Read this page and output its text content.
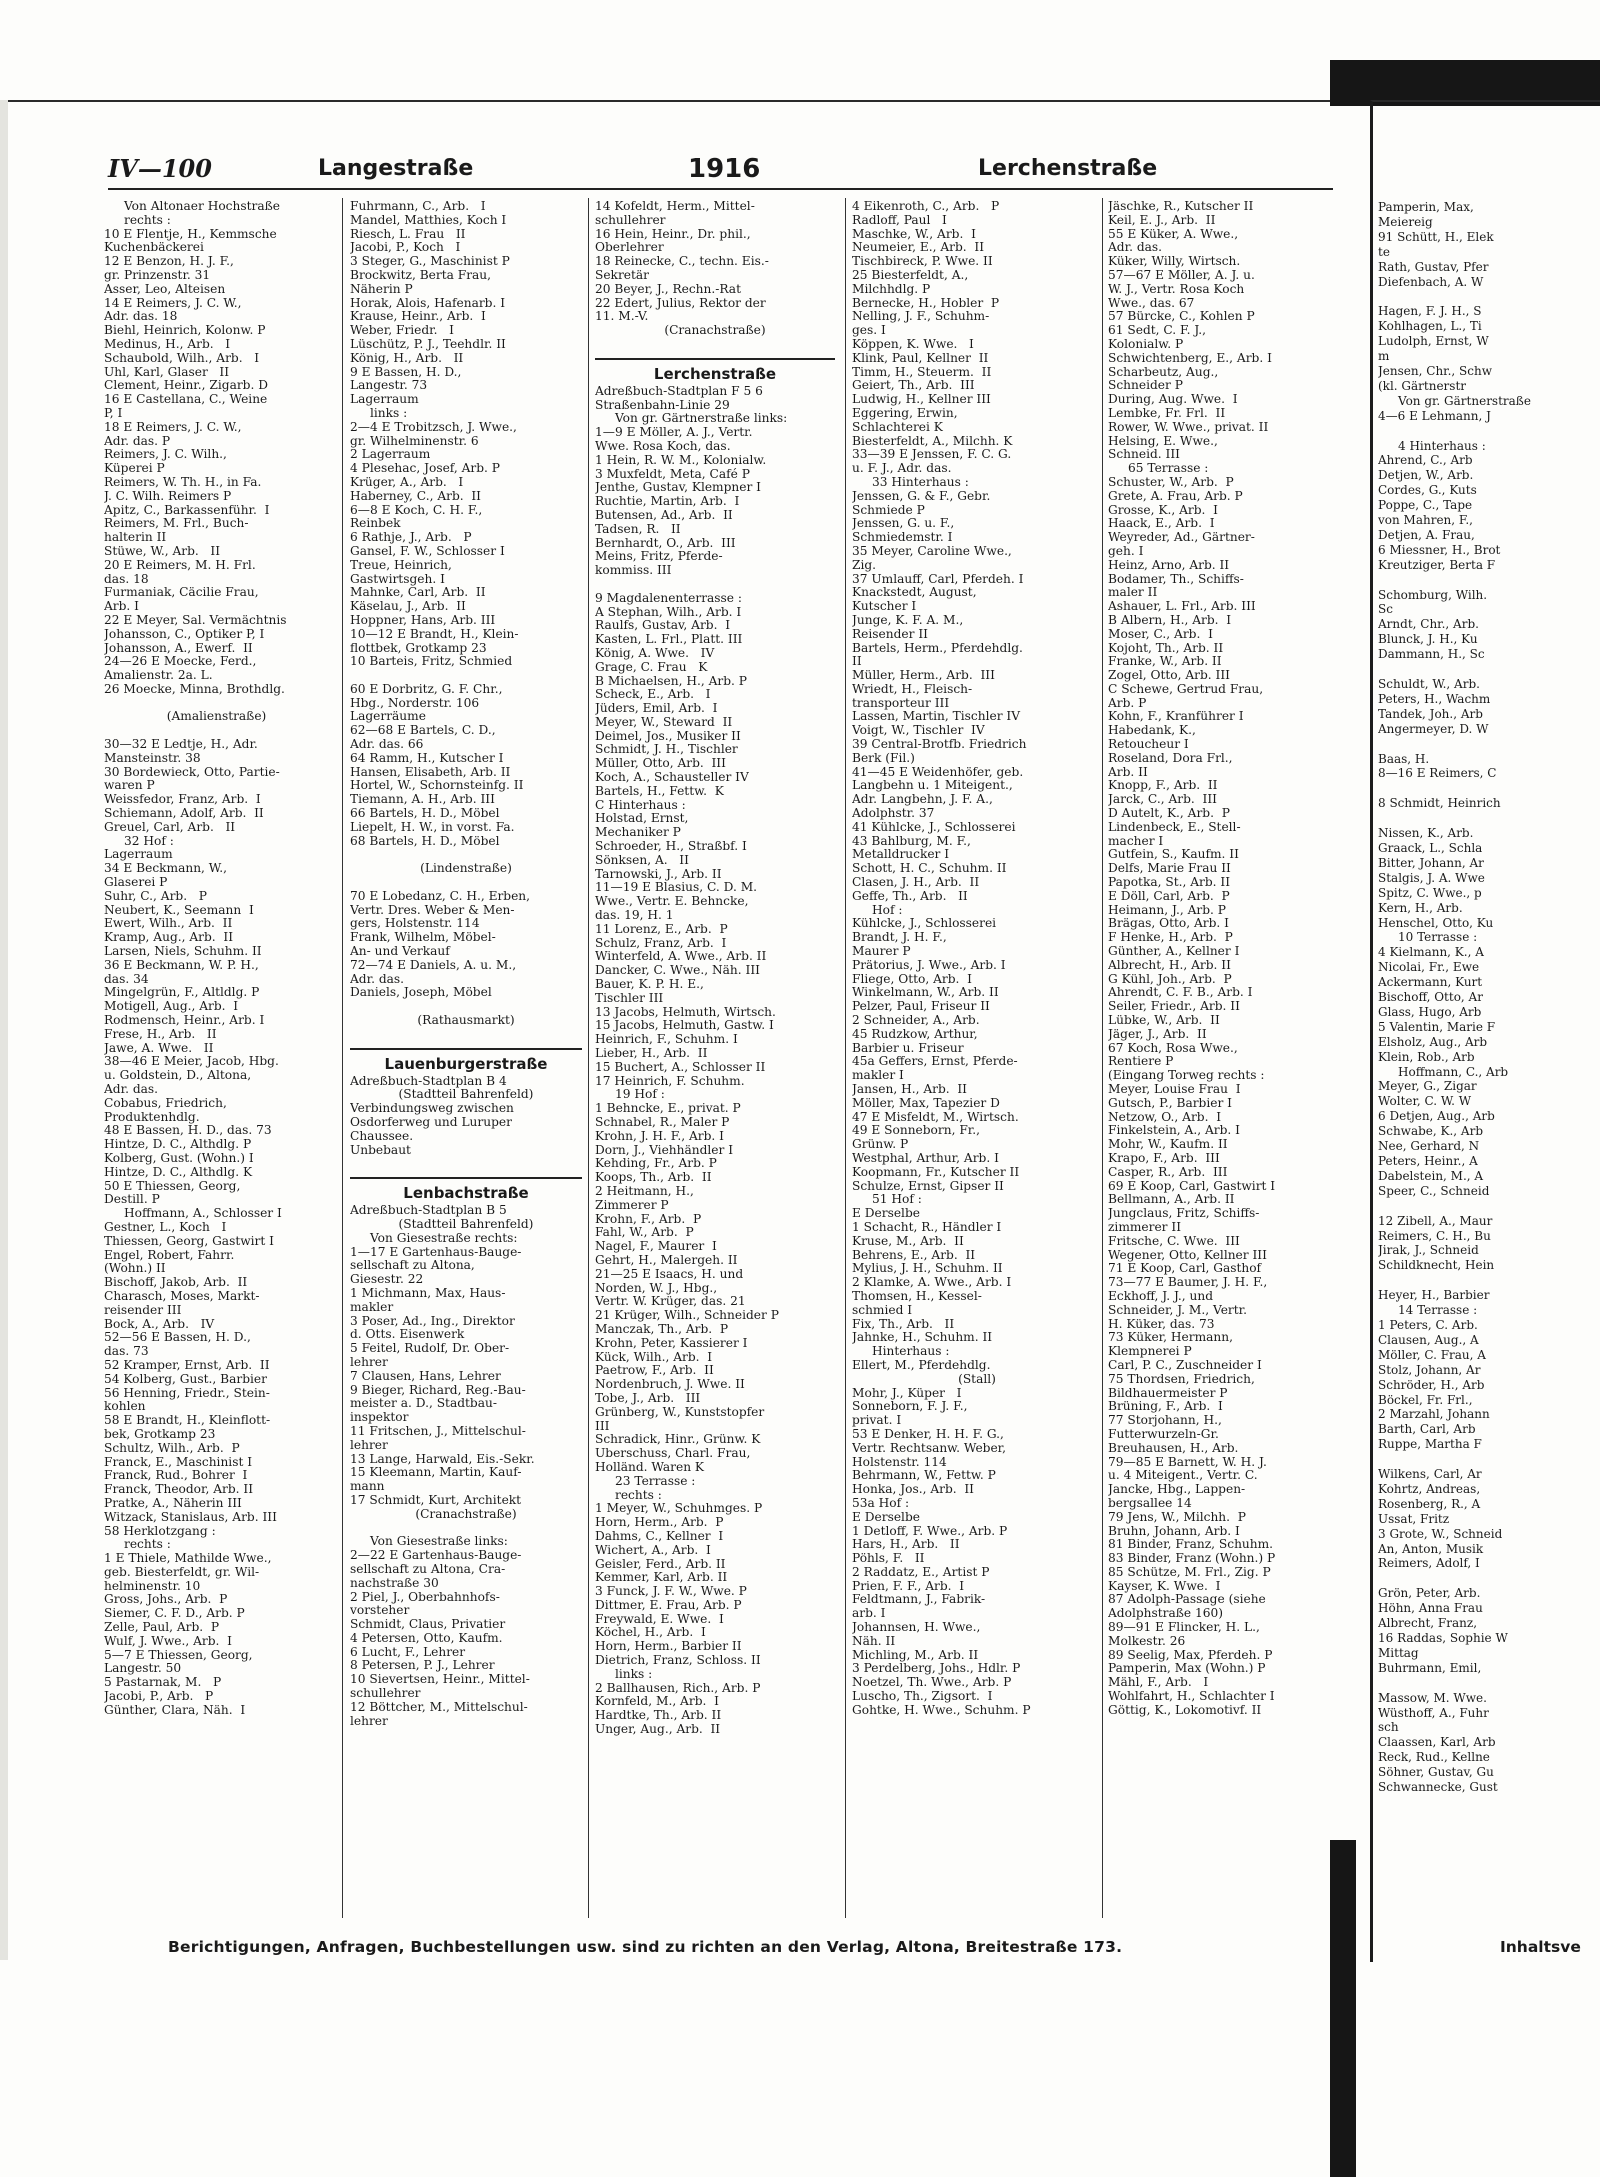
IV—100	Langestraße	1916	Lerchenstraße
Von Altonaer Hochstraße
rechts :
10 E Flentje, H., Kemmsche
Kuchenbäckerei
12 E Benzon, H. J. F.,
gr. Prinzenstr. 31
Asser, Leo, Alteisen
14 E Reimers, J. C. W.,
Adr. das. 18
Biehl, Heinrich, Kolonw. P
Medinus, H., Arb.   I
Schaubold, Wilh., Arb.   I
Uhl, Karl, Glaser   II
Clement, Heinr., Zigarb. D
16 E Castellana, C., Weine
P, I
18 E Reimers, J. C. W.,
Adr. das. P
Reimers, J. C. Wilh.,
Küperei P
Reimers, W. Th. H., in Fa.
J. C. Wilh. Reimers P
Apitz, C., Barkassenführ.  I
Reimers, M. Frl., Buch-
halterin II
Stüwe, W., Arb.   II
20 E Reimers, M. H. Frl.
das. 18
Furmaniak, Cäcilie Frau,
Arb. I
22 E Meyer, Sal. Vermächtnis
Johansson, C., Optiker P, I
Johansson, A., Ewerf.  II
24—26 E Moecke, Ferd.,
Amalienstr. 2a. L.
26 Moecke, Minna, Brothdlg.

(Amalienstraße)

30—32 E Ledtje, H., Adr.
Mansteinstr. 38
30 Bordewieck, Otto, Partie-
waren P
Weissfedor, Franz, Arb.  I
Schiemann, Adolf, Arb.  II
Greuel, Carl, Arb.   II
32 Hof :
Lagerraum
34 E Beckmann, W.,
Glaserei P
Suhr, C., Arb.   P
Neubert, K., Seemann  I
Ewert, Wilh., Arb.  II
Kramp, Aug., Arb.  II
Larsen, Niels, Schuhm. II
36 E Beckmann, W. P. H.,
das. 34
Mingelgrün, F., Altldlg. P
Motigell, Aug., Arb.  I
Rodmensch, Heinr., Arb. I
Frese, H., Arb.   II
Jawe, A. Wwe.   II
38—46 E Meier, Jacob, Hbg.
u. Goldstein, D., Altona,
Adr. das.
Cobabus, Friedrich,
Produktenhdlg.
48 E Bassen, H. D., das. 73
Hintze, D. C., Althdlg. P
Kolberg, Gust. (Wohn.) I
Hintze, D. C., Althdlg. K
50 E Thiessen, Georg,
Destill. P
Hoffmann, A., Schlosser I
Gestner, L., Koch   I
Thiessen, Georg, Gastwirt I
Engel, Robert, Fahrr.
(Wohn.) II
Bischoff, Jakob, Arb.  II
Charasch, Moses, Markt-
reisender III
Bock, A., Arb.   IV
52—56 E Bassen, H. D.,
das. 73
52 Kramper, Ernst, Arb.  II
54 Kolberg, Gust., Barbier
56 Henning, Friedr., Stein-
kohlen
58 E Brandt, H., Kleinflott-
bek, Grotkamp 23
Schultz, Wilh., Arb.  P
Franck, E., Maschinist I
Franck, Rud., Bohrer  I
Franck, Theodor, Arb. II
Pratke, A., Näherin III
Witzack, Stanislaus, Arb. III
58 Herklotzgang :
rechts :
1 E Thiele, Mathilde Wwe.,
geb. Biesterfeldt, gr. Wil-
helminenstr. 10
Gross, Johs., Arb.  P
Siemer, C. F. D., Arb. P
Zelle, Paul, Arb.  P
Wulf, J. Wwe., Arb.  I
5—7 E Thiessen, Georg,
Langestr. 50
5 Pastarnak, M.   P
Jacobi, P., Arb.   P
Günther, Clara, Näh.  I
Fuhrmann, C., Arb.   I
Mandel, Matthies, Koch I
Riesch, L. Frau   II
Jacobi, P., Koch   I
3 Steger, G., Maschinist P
Brockwitz, Berta Frau,
Näherin P
Horak, Alois, Hafenarb. I
Krause, Heinr., Arb.  I
Weber, Friedr.   I
Lüschütz, P. J., Teehdlr. II
König, H., Arb.   II
9 E Bassen, H. D.,
Langestr. 73
Lagerraum
links :
2—4 E Trobitzsch, J. Wwe.,
gr. Wilhelminenstr. 6
2 Lagerraum
4 Plesehac, Josef, Arb. P
Krüger, A., Arb.   I
Haberney, C., Arb.  II
6—8 E Koch, C. H. F.,
Reinbek
6 Rathje, J., Arb.   P
Gansel, F. W., Schlosser I
Treue, Heinrich,
Gastwirtsgeh. I
Mahnke, Carl, Arb.  II
Käselau, J., Arb.  II
Hoppner, Hans, Arb. III
10—12 E Brandt, H., Klein-
flottbek, Grotkamp 23
10 Barteis, Fritz, Schmied

60 E Dorbritz, G. F. Chr.,
Hbg., Norderstr. 106
Lagerräume
62—68 E Bartels, C. D.,
Adr. das. 66
64 Ramm, H., Kutscher I
Hansen, Elisabeth, Arb. II
Hortel, W., Schornsteinfg. II
Tiemann, A. H., Arb. III
66 Bartels, H. D., Möbel
Liepelt, H. W., in vorst. Fa.
68 Bartels, H. D., Möbel

(Lindenstraße)

70 E Lobedanz, C. H., Erben,
Vertr. Dres. Weber & Men-
gers, Holstenstr. 114
Frank, Wilhelm, Möbel-
An- und Verkauf
72—74 E Daniels, A. u. M.,
Adr. das.
Daniels, Joseph, Möbel

(Rathausmarkt)

Lauenburgerstraße
Adreßbuch-Stadtplan B 4
(Stadtteil Bahrenfeld)
Verbindungsweg zwischen
Osdorferweg und Luruper
Chaussee.
Unbebaut

Lenbachstraße
Adreßbuch-Stadtplan B 5
(Stadtteil Bahrenfeld)
Von Giesestraße rechts:
1—17 E Gartenhaus-Bauge-
sellschaft zu Altona,
Giesestr. 22
1 Michmann, Max, Haus-
makler
3 Poser, Ad., Ing., Direktor
d. Otts. Eisenwerk
5 Feitel, Rudolf, Dr. Ober-
lehrer
7 Clausen, Hans, Lehrer
9 Bieger, Richard, Reg.-Bau-
meister a. D., Stadtbau-
inspektor
11 Fritschen, J., Mittelschul-
lehrer
13 Lange, Harwald, Eis.-Sekr.
15 Kleemann, Martin, Kauf-
mann
17 Schmidt, Kurt, Architekt
(Cranachstraße)

Von Giesestraße links:
2—22 E Gartenhaus-Bauge-
sellschaft zu Altona, Cra-
nachstraße 30
2 Piel, J., Oberbahnhofs-
vorsteher
Schmidt, Claus, Privatier
4 Petersen, Otto, Kaufm.
6 Lucht, F., Lehrer
8 Petersen, P. J., Lehrer
10 Sievertsen, Heinr., Mittel-
schullehrer
12 Böttcher, M., Mittelschul-
lehrer
14 Kofeldt, Herm., Mittel-
schullehrer
16 Hein, Heinr., Dr. phil.,
Oberlehrer
18 Reinecke, C., techn. Eis.-
Sekretär
20 Beyer, J., Rechn.-Rat
22 Edert, Julius, Rektor der
11. M.-V.
(Cranachstraße)

Lerchenstraße
Adreßbuch-Stadtplan F 5 6
Straßenbahn-Linie 29
Von gr. Gärtnerstraße links:
1—9 E Möller, A. J., Vertr.
Wwe. Rosa Koch, das.
1 Hein, R. W. M., Kolonialw.
3 Muxfeldt, Meta, Café P
Jenthe, Gustav, Klempner I
Ruchtie, Martin, Arb.  I
Butensen, Ad., Arb.  II
Tadsen, R.   II
Bernhardt, O., Arb.  III
Meins, Fritz, Pferde-
kommiss. III

9 Magdalenenterrasse :
A Stephan, Wilh., Arb. I
Raulfs, Gustav, Arb.  I
Kasten, L. Frl., Platt. III
König, A. Wwe.   IV
Grage, C. Frau   K
B Michaelsen, H., Arb. P
Scheck, E., Arb.   I
Jüders, Emil, Arb.  I
Meyer, W., Steward  II
Deimel, Jos., Musiker II
Schmidt, J. H., Tischler
Müller, Otto, Arb.  III
Koch, A., Schausteller IV
Bartels, H., Fettw.  K
C Hinterhaus :
Holstad, Ernst,
Mechaniker P
Schroeder, H., Straßbf. I
Sönksen, A.   II
Tarnowski, J., Arb. II
11—19 E Blasius, C. D. M.
Wwe., Vertr. E. Behncke,
das. 19, H. 1
11 Lorenz, E., Arb.  P
Schulz, Franz, Arb.  I
Winterfeld, A. Wwe., Arb. II
Dancker, C. Wwe., Näh. III
Bauer, K. P. H. E.,
Tischler III
13 Jacobs, Helmuth, Wirtsch.
15 Jacobs, Helmuth, Gastw. I
Heinrich, F., Schuhm. I
Lieber, H., Arb.  II
15 Buchert, A., Schlosser II
17 Heinrich, F. Schuhm.
19 Hof :
1 Behncke, E., privat. P
Schnabel, R., Maler P
Krohn, J. H. F., Arb. I
Dorn, J., Viehhändler I
Kehding, Fr., Arb. P
Koops, Th., Arb.  II
2 Heitmann, H.,
Zimmerer P
Krohn, F., Arb.  P
Fahl, W., Arb.  P
Nagel, F., Maurer  I
Gehrt, H., Malergeh. II
21—25 E Isaacs, H. und
Norden, W. J., Hbg.,
Vertr. W. Krüger, das. 21
21 Krüger, Wilh., Schneider P
Manczak, Th., Arb.  P
Krohn, Peter, Kassierer I
Kück, Wilh., Arb.  I
Paetrow, F., Arb.  II
Nordenbruch, J. Wwe. II
Tobe, J., Arb.   III
Grünberg, W., Kunststopfer
III
Schradick, Hinr., Grünw. K
Überschuss, Charl. Frau,
Holländ. Waren K
23 Terrasse :
rechts :
1 Meyer, W., Schuhmges. P
Horn, Herm., Arb.  P
Dahms, C., Kellner  I
Wichert, A., Arb.  I
Geisler, Ferd., Arb. II
Kemmer, Karl, Arb. II
3 Funck, J. F. W., Wwe. P
Dittmer, E. Frau, Arb. P
Freywald, E. Wwe.  I
Köchel, H., Arb.  I
Horn, Herm., Barbier II
Dietrich, Franz, Schloss. II
links :
2 Ballhausen, Rich., Arb. P
Kornfeld, M., Arb.  I
Hardtke, Th., Arb. II
Unger, Aug., Arb.  II
4 Eikenroth, C., Arb.   P
Radloff, Paul   I
Maschke, W., Arb.  I
Neumeier, E., Arb.  II
Tischbireck, P. Wwe. II
25 Biesterfeldt, A.,
Milchhdlg. P
Bernecke, H., Hobler  P
Nelling, J. F., Schuhm-
ges. I
Köppen, K. Wwe.   I
Klink, Paul, Kellner  II
Timm, H., Steuerm.  II
Geiert, Th., Arb.  III
Ludwig, H., Kellner III
Eggering, Erwin,
Schlachterei K
Biesterfeldt, A., Milchh. K
33—39 E Jenssen, F. C. G.
u. F. J., Adr. das.
33 Hinterhaus :
Jenssen, G. & F., Gebr.
Schmiede P
Jenssen, G. u. F.,
Schmiedemstr. I
35 Meyer, Caroline Wwe.,
Zig.
37 Umlauff, Carl, Pferdeh. I
Knackstedt, August,
Kutscher I
Junge, K. F. A. M.,
Reisender II
Bartels, Herm., Pferdehdlg.
II
Müller, Herm., Arb.  III
Wriedt, H., Fleisch-
transporteur III
Lassen, Martin, Tischler IV
Voigt, W., Tischler  IV
39 Central-Brotfb. Friedrich
Berk (Fil.)
41—45 E Weidenhöfer, geb.
Langbehn u. 1 Miteigent.,
Adr. Langbehn, J. F. A.,
Adolphstr. 37
41 Kühlcke, J., Schlosserei
43 Bahlburg, M. F.,
Metalldrucker I
Schott, H. C., Schuhm. II
Clasen, J. H., Arb.  II
Geffe, Th., Arb.   II
Hof :
Kühlcke, J., Schlosserei
Brandt, J. H. F.,
Maurer P
Prätorius, J. Wwe., Arb. I
Fliege, Otto, Arb.  I
Winkelmann, W., Arb. II
Pelzer, Paul, Friseur II
2 Schneider, A., Arb.
45 Rudzkow, Arthur,
Barbier u. Friseur
45a Geffers, Ernst, Pferde-
makler I
Jansen, H., Arb.  II
Möller, Max, Tapezier D
47 E Misfeldt, M., Wirtsch.
49 E Sonneborn, Fr.,
Grünw. P
Westphal, Arthur, Arb. I
Koopmann, Fr., Kutscher II
Schulze, Ernst, Gipser II
51 Hof :
E Derselbe
1 Schacht, R., Händler I
Kruse, M., Arb.  II
Behrens, E., Arb.  II
Mylius, J. H., Schuhm. II
2 Klamke, A. Wwe., Arb. I
Thomsen, H., Kessel-
schmied I
Fix, Th., Arb.   II
Jahnke, H., Schuhm. II
Hinterhaus :
Ellert, M., Pferdehdlg.
(Stall)
Mohr, J., Küper   I
Sonneborn, F. J. F.,
privat. I
53 E Denker, H. H. F. G.,
Vertr. Rechtsanw. Weber,
Holstenstr. 114
Behrmann, W., Fettw. P
Honka, Jos., Arb.  II
53a Hof :
E Derselbe
1 Detloff, F. Wwe., Arb. P
Hars, H., Arb.   II
Pöhls, F.   II
2 Raddatz, E., Artist P
Prien, F. F., Arb.  I
Feldtmann, J., Fabrik-
arb. I
Johannsen, H. Wwe.,
Näh. II
Michling, M., Arb. II
3 Perdelberg, Johs., Hdlr. P
Noetzel, Th. Wwe., Arb. P
Luscho, Th., Zigsort.  I
Gohtke, H. Wwe., Schuhm. P
Jäschke, R., Kutscher II
Keil, E. J., Arb.  II
55 E Küker, A. Wwe.,
Adr. das.
Küker, Willy, Wirtsch.
57—67 E Möller, A. J. u.
W. J., Vertr. Rosa Koch
Wwe., das. 67
57 Bürcke, C., Kohlen P
61 Sedt, C. F. J.,
Kolonialw. P
Schwichtenberg, E., Arb. I
Scharbeutz, Aug.,
Schneider P
During, Aug. Wwe.  I
Lembke, Fr. Frl.  II
Rower, W. Wwe., privat. II
Helsing, E. Wwe.,
Schneid. III
65 Terrasse :
Schuster, W., Arb.  P
Grete, A. Frau, Arb. P
Grosse, K., Arb.  I
Haack, E., Arb.  I
Weyreder, Ad., Gärtner-
geh. I
Heinz, Arno, Arb. II
Bodamer, Th., Schiffs-
maler II
Ashauer, L. Frl., Arb. III
B Albern, H., Arb.  I
Moser, C., Arb.  I
Kojoht, Th., Arb. II
Franke, W., Arb. II
Zogel, Otto, Arb. III
C Schewe, Gertrud Frau,
Arb. P
Kohn, F., Kranführer I
Habedank, K.,
Retoucheur I
Roseland, Dora Frl.,
Arb. II
Knopp, F., Arb.  II
Jarck, C., Arb.  III
D Autelt, K., Arb.  P
Lindenbeck, E., Stell-
macher I
Gutfein, S., Kaufm. II
Delfs, Marie Frau II
Papotka, St., Arb. II
E Döll, Carl, Arb.  P
Heimann, J., Arb. P
Brägas, Otto, Arb. I
F Henke, H., Arb.  P
Günther, A., Kellner I
Albrecht, H., Arb. II
G Kühl, Joh., Arb.  P
Ahrendt, C. F. B., Arb. I
Seiler, Friedr., Arb. II
Lübke, W., Arb.  II
Jäger, J., Arb.  II
67 Koch, Rosa Wwe.,
Rentiere P
(Eingang Torweg rechts :
Meyer, Louise Frau  I
Gutsch, P., Barbier I
Netzow, O., Arb.  I
Finkelstein, A., Arb. I
Mohr, W., Kaufm. II
Krapo, F., Arb.  III
Casper, R., Arb.  III
69 E Koop, Carl, Gastwirt I
Bellmann, A., Arb. II
Jungclaus, Fritz, Schiffs-
zimmerer II
Fritsche, C. Wwe.  III
Wegener, Otto, Kellner III
71 E Koop, Carl, Gasthof
73—77 E Baumer, J. H. F.,
Eckhoff, J. J., und
Schneider, J. M., Vertr.
H. Küker, das. 73
73 Küker, Hermann,
Klempnerei P
Carl, P. C., Zuschneider I
75 Thordsen, Friedrich,
Bildhauermeister P
Brüning, F., Arb.  I
77 Storjohann, H.,
Futterwurzeln-Gr.
Breuhausen, H., Arb.
79—85 E Barnett, W. H. J.
u. 4 Miteigent., Vertr. C.
Jancke, Hbg., Lappen-
bergsallee 14
79 Jens, W., Milchh.  P
Bruhn, Johann, Arb. I
81 Binder, Franz, Schuhm.
83 Binder, Franz (Wohn.) P
85 Schütze, M. Frl., Zig. P
Kayser, K. Wwe.  I
87 Adolph-Passage (siehe
Adolphstraße 160)
89—91 E Flincker, H. L.,
Molkestr. 26
89 Seelig, Max, Pferdeh. P
Pamperin, Max (Wohn.) P
Mähl, F., Arb.   I
Wohlfahrt, H., Schlachter I
Göttig, K., Lokomotivf. II
Pamperin, Max,
Meiereig
91 Schütt, H., Elek
te
Rath, Gustav, Pfer
Diefenbach, A. W

Hagen, F. J. H., S
Kohlhagen, L., Ti
Ludolph, Ernst, W
m
Jensen, Chr., Schw
(kl. Gärtnerstr
Von gr. Gärtnerstraße
4—6 E Lehmann, J

4 Hinterhaus :
Ahrend, C., Arb
Detjen, W., Arb.
Cordes, G., Kuts
Poppe, C., Tape
von Mahren, F.,
Detjen, A. Frau,
6 Miessner, H., Brot
Kreutziger, Berta F

Schomburg, Wilh.
Sc
Arndt, Chr., Arb.
Blunck, J. H., Ku
Dammann, H., Sc

Schuldt, W., Arb.
Peters, H., Wachm
Tandek, Joh., Arb
Angermeyer, D. W

Baas, H.
8—16 E Reimers, C

8 Schmidt, Heinrich

Nissen, K., Arb.
Graack, L., Schla
Bitter, Johann, Ar
Stalgis, J. A. Wwe
Spitz, C. Wwe., p
Kern, H., Arb.
Henschel, Otto, Ku
10 Terrasse :
4 Kielmann, K., A
Nicolai, Fr., Ewe
Ackermann, Kurt
Bischoff, Otto, Ar
Glass, Hugo, Arb
5 Valentin, Marie F
Elsholz, Aug., Arb
Klein, Rob., Arb
Hoffmann, C., Arb
Meyer, G., Zigar
Wolter, C. W. W
6 Detjen, Aug., Arb
Schwabe, K., Arb
Nee, Gerhard, N
Peters, Heinr., A
Dabelstein, M., A
Speer, C., Schneid

12 Zibell, A., Maur
Reimers, C. H., Bu
Jirak, J., Schneid
Schildknecht, Hein

Heyer, H., Barbier
14 Terrasse :
1 Peters, C. Arb.
Clausen, Aug., A
Möller, C. Frau, A
Stolz, Johann, Ar
Schröder, H., Arb
Böckel, Fr. Frl.,
2 Marzahl, Johann
Barth, Carl, Arb
Ruppe, Martha F

Wilkens, Carl, Ar
Kohrtz, Andreas,
Rosenberg, R., A
Ussat, Fritz
3 Grote, W., Schneid
An, Anton, Musik
Reimers, Adolf, I

Grön, Peter, Arb.
Höhn, Anna Frau
Albrecht, Franz,
16 Raddas, Sophie W
Mittag
Buhrmann, Emil,

Massow, M. Wwe.
Wüsthoff, A., Fuhr
sch
Claassen, Karl, Arb
Reck, Rud., Kellne
Söhner, Gustav, Gu
Schwannecke, Gust
Berichtigungen, Anfragen, Buchbestellungen usw. sind zu richten an den Verlag, Altona, Breitestraße 173.	Inhaltsve
